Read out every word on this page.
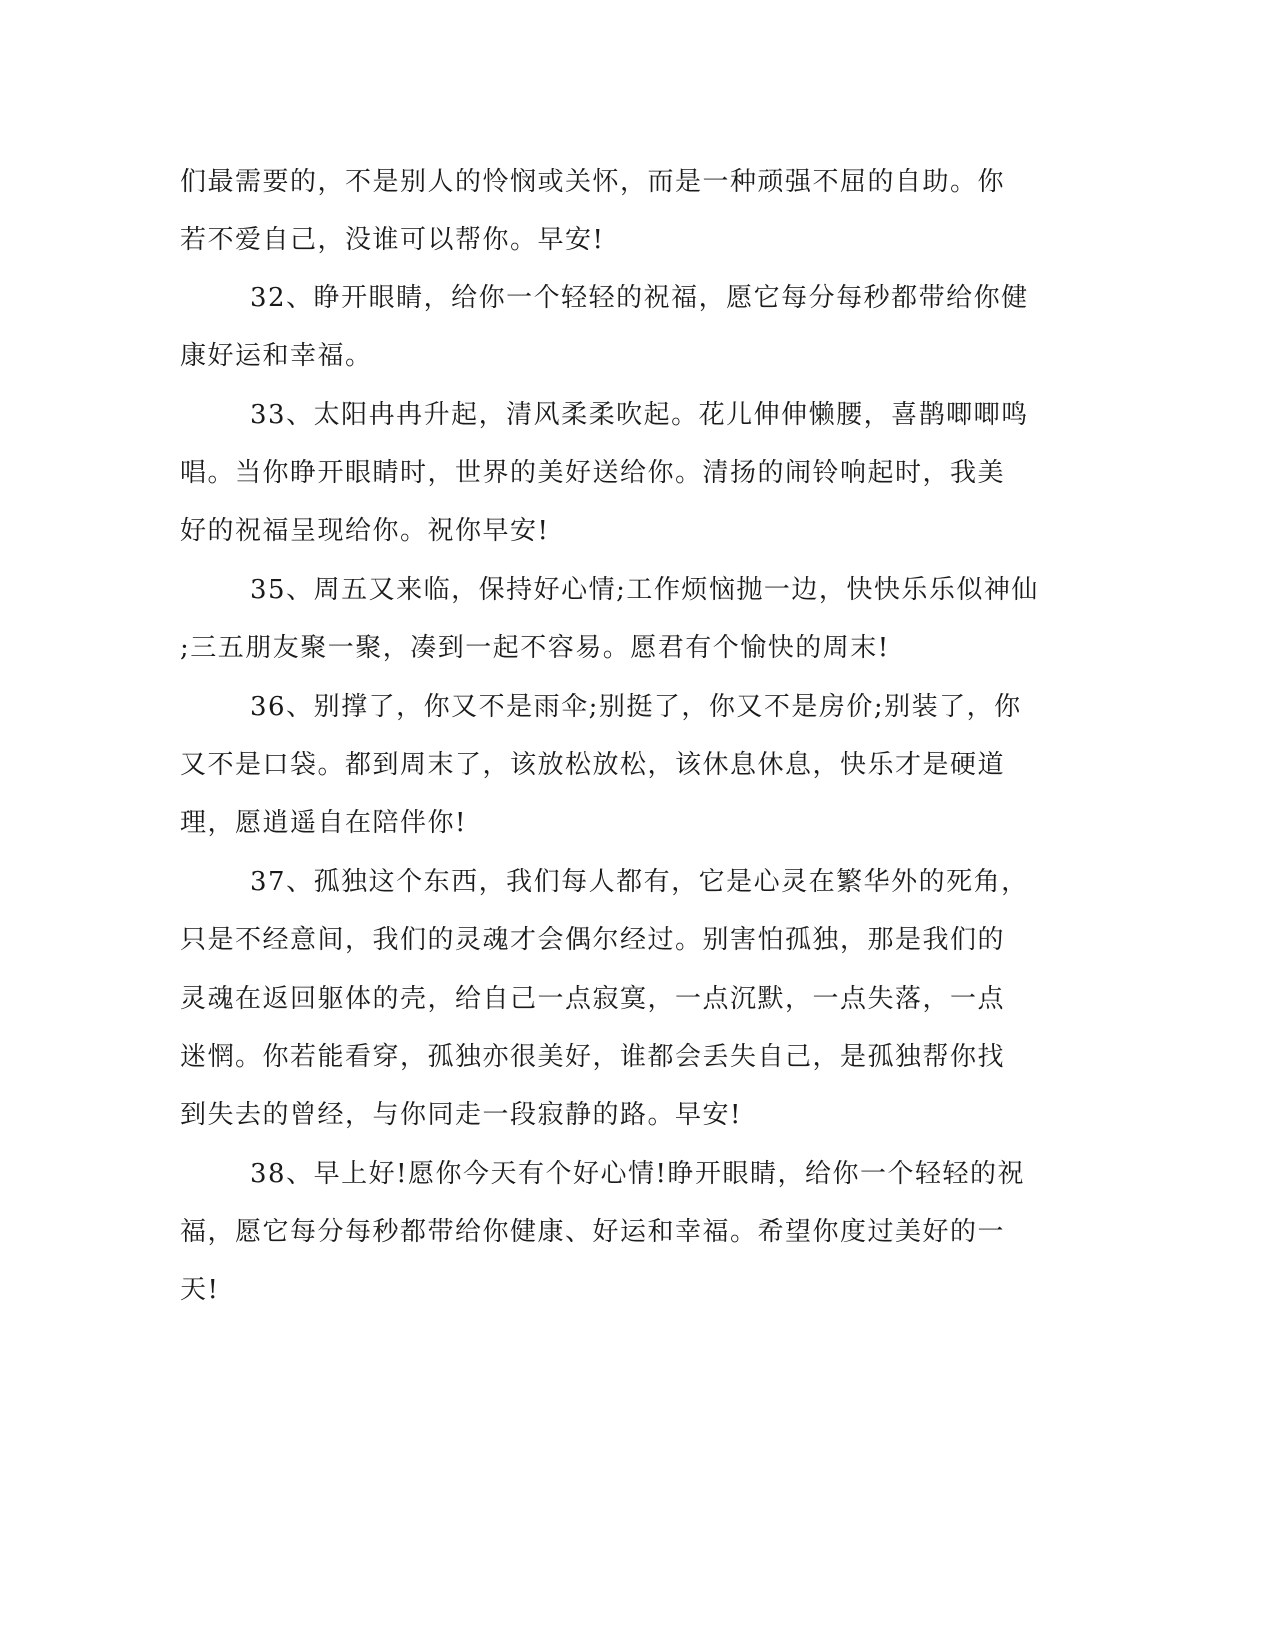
们最需要的，不是别人的怜悯或关怀，而是一种顽强不屈的自助。你
若不爱自己，没谁可以帮你。早安!
32、睁开眼睛，给你一个轻轻的祝福，愿它每分每秒都带给你健
康好运和幸福。
33、太阳冉冉升起，清风柔柔吹起。花儿伸伸懒腰，喜鹊唧唧鸣
唱。当你睁开眼睛时，世界的美好送给你。清扬的闹铃响起时，我美
好的祝福呈现给你。祝你早安!
35、周五又来临，保持好心情;工作烦恼抛一边，快快乐乐似神仙
;三五朋友聚一聚，凑到一起不容易。愿君有个愉快的周末!
36、别撑了，你又不是雨伞;别挺了，你又不是房价;别装了，你
又不是口袋。都到周末了，该放松放松，该休息休息，快乐才是硬道
理，愿逍遥自在陪伴你!
37、孤独这个东西，我们每人都有，它是心灵在繁华外的死角，
只是不经意间，我们的灵魂才会偶尔经过。别害怕孤独，那是我们的
灵魂在返回躯体的壳，给自己一点寂寞，一点沉默，一点失落，一点
迷惘。你若能看穿，孤独亦很美好，谁都会丢失自己，是孤独帮你找
到失去的曾经，与你同走一段寂静的路。早安!
38、早上好!愿你今天有个好心情!睁开眼睛，给你一个轻轻的祝
福，愿它每分每秒都带给你健康、好运和幸福。希望你度过美好的一
天!
